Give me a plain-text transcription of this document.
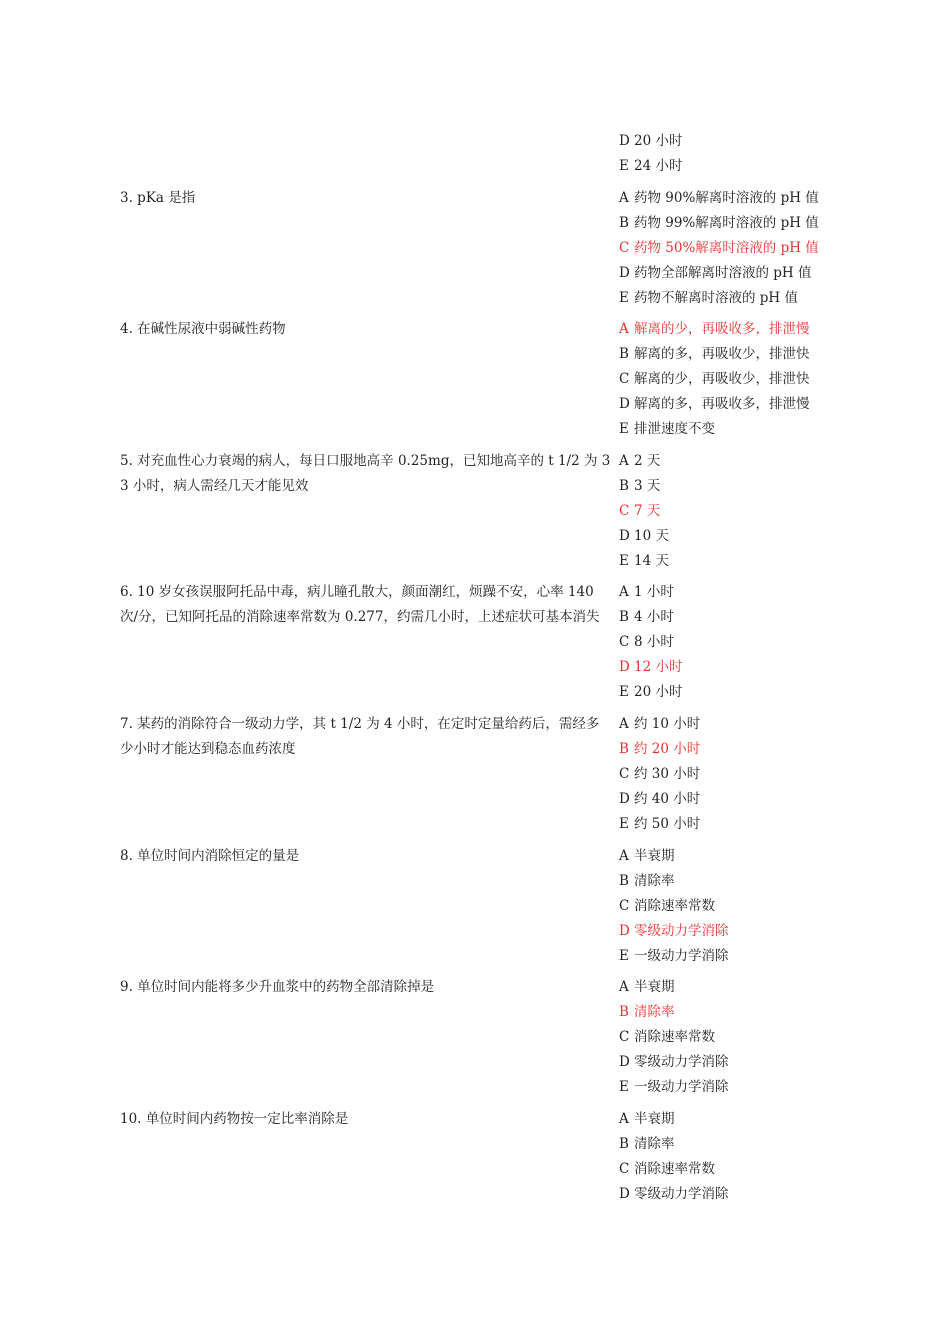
D 20 小时
E 24 小时

3. pKa 是指	A 药物 90%解离时溶液的 pH 值
B 药物 99%解离时溶液的 pH 值
C 药物 50%解离时溶液的 pH 值
D 药物全部解离时溶液的 pH 值
E 药物不解离时溶液的 pH 值

4. 在碱性尿液中弱碱性药物	A 解离的少，再吸收多，排泄慢
B 解离的多，再吸收少，排泄快
C 解离的少，再吸收少，排泄快
D 解离的多，再吸收多，排泄慢
E 排泄速度不变

5. 对充血性心力衰竭的病人，每日口服地高辛 0.25mg，已知地高辛的 t 1/2 为 33 小时，病人需经几天才能见效

A 2 天
B 3 天
C 7 天
D 10 天
E 14 天

6. 10 岁女孩误服阿托品中毒，病儿瞳孔散大，颜面潮红，烦躁不安，心率 140 次/分，已知阿托品的消除速率常数为 0.277，约需几小时，上述症状可基本消失

A 1 小时
B 4 小时
C 8 小时
D 12 小时
E 20 小时

7. 某药的消除符合一级动力学，其 t 1/2 为 4 小时，在定时定量给药后，需经多少小时才能达到稳态血药浓度

A 约 10 小时
B 约 20 小时
C 约 30 小时
D 约 40 小时
E 约 50 小时

8. 单位时间内消除恒定的量是	A 半衰期
B 清除率
C 消除速率常数
D 零级动力学消除
E 一级动力学消除

9. 单位时间内能将多少升血浆中的药物全部清除掉是	A 半衰期
B 清除率
C 消除速率常数
D 零级动力学消除
E 一级动力学消除

10. 单位时间内药物按一定比率消除是	A 半衰期
B 清除率
C 消除速率常数
D 零级动力学消除
